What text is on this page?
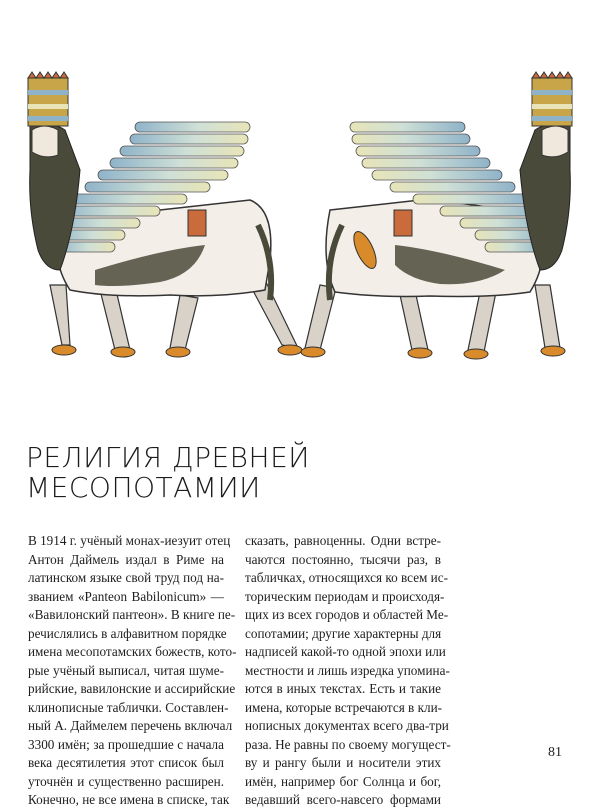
РЕЛИГИЯ ДРЕВНЕЙ
МЕСОПОТАМИИ
В 1914 г. учёный монах-иезуит отец
Антон Даймель издал в Риме на
латинском языке свой труд под на-
званием «Panteon Babilonicum» —
«Вавилонский пантеон». В книге пе-
речислялись в алфавитном порядке
имена месопотамских божеств, кото-
рые учёный выписал, читая шуме-
рийские, вавилонские и ассирийские
клинописные таблички. Составлен-
ный А. Даймелем перечень включал
3300 имён; за прошедшие с начала
века десятилетия этот список был
уточнён и существенно расширен.
Конечно, не все имена в списке, так
сказать, равноценны. Одни встре-
чаются постоянно, тысячи раз, в
табличках, относящихся ко всем ис-
торическим периодам и происходя-
щих из всех городов и областей Ме-
сопотамии; другие характерны для
надписей какой-то одной эпохи или
местности и лишь изредка упомина-
ются в иных текстах. Есть и такие
имена, которые встречаются в кли-
нописных документах всего два-три
раза. Не равны по своему могущест-
ву и рангу были и носители этих
имён, например бог Солнца и бог,
ведавший всего-навсего формами
81
